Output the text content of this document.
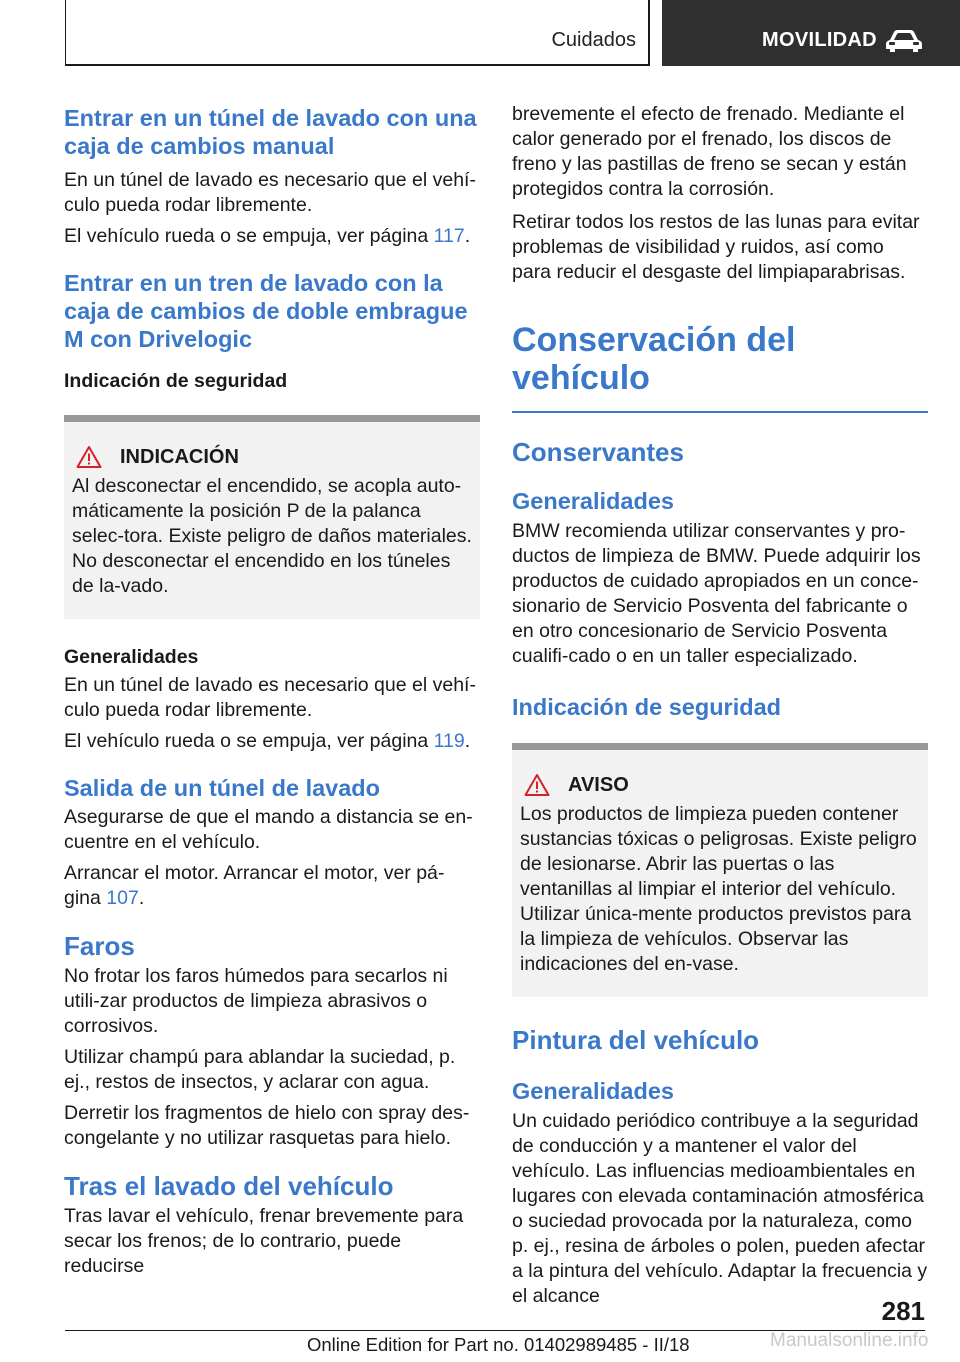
Cuidados	MOVILIDAD
Entrar en un túnel de lavado con una caja de cambios manual

En un túnel de lavado es necesario que el vehí-culo pueda rodar libremente.

El vehículo rueda o se empuja, ver página 117.

Entrar en un tren de lavado con la caja de cambios de doble embrague M con Drivelogic
Indicación de seguridad
INDICACIÓN

Al desconectar el encendido, se acopla auto-máticamente la posición P de la palanca selec-tora. Existe peligro de daños materiales. No desconectar el encendido en los túneles de la-vado.

Generalidades

En un túnel de lavado es necesario que el vehí-culo pueda rodar libremente.

El vehículo rueda o se empuja, ver página 119.

Salida de un túnel de lavado

Asegurarse de que el mando a distancia se en-cuentre en el vehículo.

Arrancar el motor. Arrancar el motor, ver pá-gina 107.

Faros

No frotar los faros húmedos para secarlos ni utili-zar productos de limpieza abrasivos o corrosivos.

Utilizar champú para ablandar la suciedad, p. ej., restos de insectos, y aclarar con agua.

Derretir los fragmentos de hielo con spray des-congelante y no utilizar rasquetas para hielo.

Tras el lavado del vehículo

Tras lavar el vehículo, frenar brevemente para secar los frenos; de lo contrario, puede reducirse

brevemente el efecto de frenado. Mediante el calor generado por el frenado, los discos de freno y las pastillas de freno se secan y están protegidos contra la corrosión.

Retirar todos los restos de las lunas para evitar problemas de visibilidad y ruidos, así como para reducir el desgaste del limpiaparabrisas.

Conservación del vehículo
Conservantes
Generalidades

BMW recomienda utilizar conservantes y pro-ductos de limpieza de BMW. Puede adquirir los productos de cuidado apropiados en un conce-sionario de Servicio Posventa del fabricante o en otro concesionario de Servicio Posventa cualifi-cado o en un taller especializado.

Indicación de seguridad
AVISO

Los productos de limpieza pueden contener sustancias tóxicas o peligrosas. Existe peligro de lesionarse. Abrir las puertas o las ventanillas al limpiar el interior del vehículo. Utilizar única-mente productos previstos para la limpieza de vehículos. Observar las indicaciones del en-vase.

Pintura del vehículo
Generalidades

Un cuidado periódico contribuye a la seguridad de conducción y a mantener el valor del vehículo. Las influencias medioambientales en lugares con elevada contaminación atmosférica o suciedad provocada por la naturaleza, como p. ej., resina de árboles o polen, pueden afectar a la pintura del vehículo. Adaptar la frecuencia y el alcance	281
Online Edition for Part no. 01402989485 - II/18	Manualsonline.info
